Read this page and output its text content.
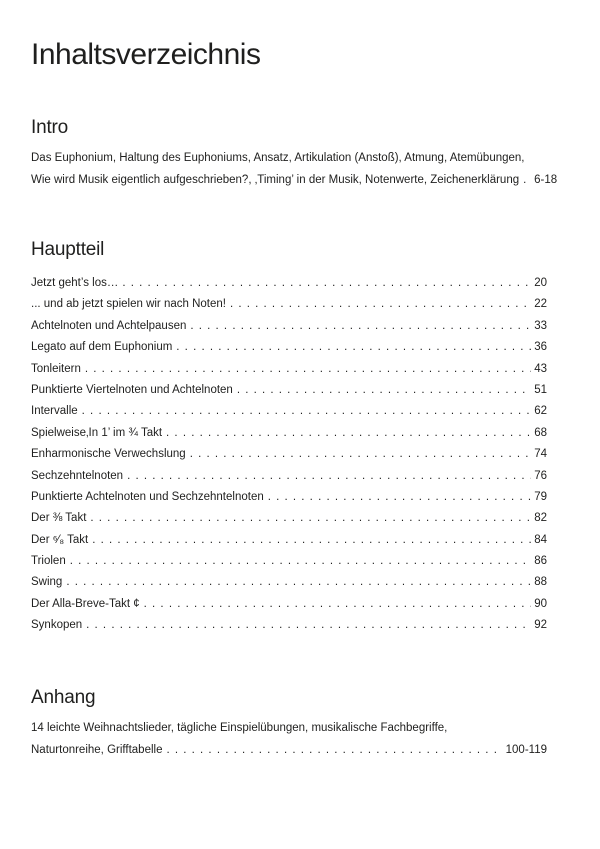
Inhaltsverzeichnis
Intro
Das Euphonium, Haltung des Euphoniums, Ansatz, Artikulation (Anstoß), Atmung, Atemübungen,
Wie wird Musik eigentlich aufgeschrieben?, ‚Timing’ in der Musik, Notenwerte, Zeichenerklärung . . . 6-18
Hauptteil
Jetzt geht’s los… . . .	20
... und ab jetzt spielen wir nach Noten! . . .	22
Achtelnoten und Achtelpausen . . .	33
Legato auf dem Euphonium . . .	36
Tonleitern . . .	43
Punktierte Viertelnoten und Achtelnoten . . .	51
Intervalle . . .	62
Spielweise‚In 1’ im ¾ Takt . . .	68
Enharmonische Verwechslung . . .	74
Sechzehntelnoten . . .	76
Punktierte Achtelnoten und Sechzehntelnoten . . .	79
Der ⅜ Takt . . .	82
Der ⁶⁄₈ Takt . . .	84
Triolen . . .	86
Swing . . .	88
Der Alla-Breve-Takt ¢ . . .	90
Synkopen . . .	92
Anhang
14 leichte Weihnachtslieder, tägliche Einspielübungen, musikalische Fachbegriffe,
Naturtonreihe, Grifftabelle . . .	100-119
